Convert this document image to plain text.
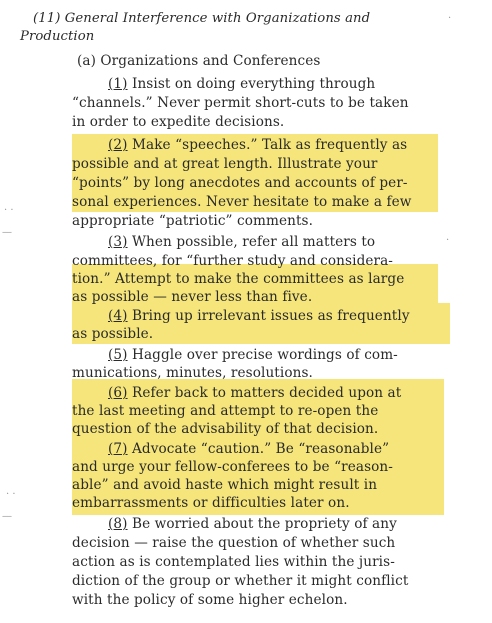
· ·
—
· ·
—
·
·
(11) General Interference with Organizations and
Production
(a) Organizations and Conferences
(1) Insist on doing everything through
“channels.” Never permit short-cuts to be taken
in order to expedite decisions.
(2) Make “speeches.” Talk as frequently as
possible and at great length. Illustrate your
“points” by long anecdotes and accounts of per-
sonal experiences. Never hesitate to make a few
appropriate “patriotic” comments.
(3) When possible, refer all matters to
committees, for “further study and considera-
tion.” Attempt to make the committees as large
as possible — never less than five.
(4) Bring up irrelevant issues as frequently
as possible.
(5) Haggle over precise wordings of com-
munications, minutes, resolutions.
(6) Refer back to matters decided upon at
the last meeting and attempt to re-open the
question of the advisability of that decision.
(7) Advocate “caution.” Be “reasonable”
and urge your fellow-conferees to be “reason-
able” and avoid haste which might result in
embarrassments or difficulties later on.
(8) Be worried about the propriety of any
decision — raise the question of whether such
action as is contemplated lies within the juris-
diction of the group or whether it might conflict
with the policy of some higher echelon.
